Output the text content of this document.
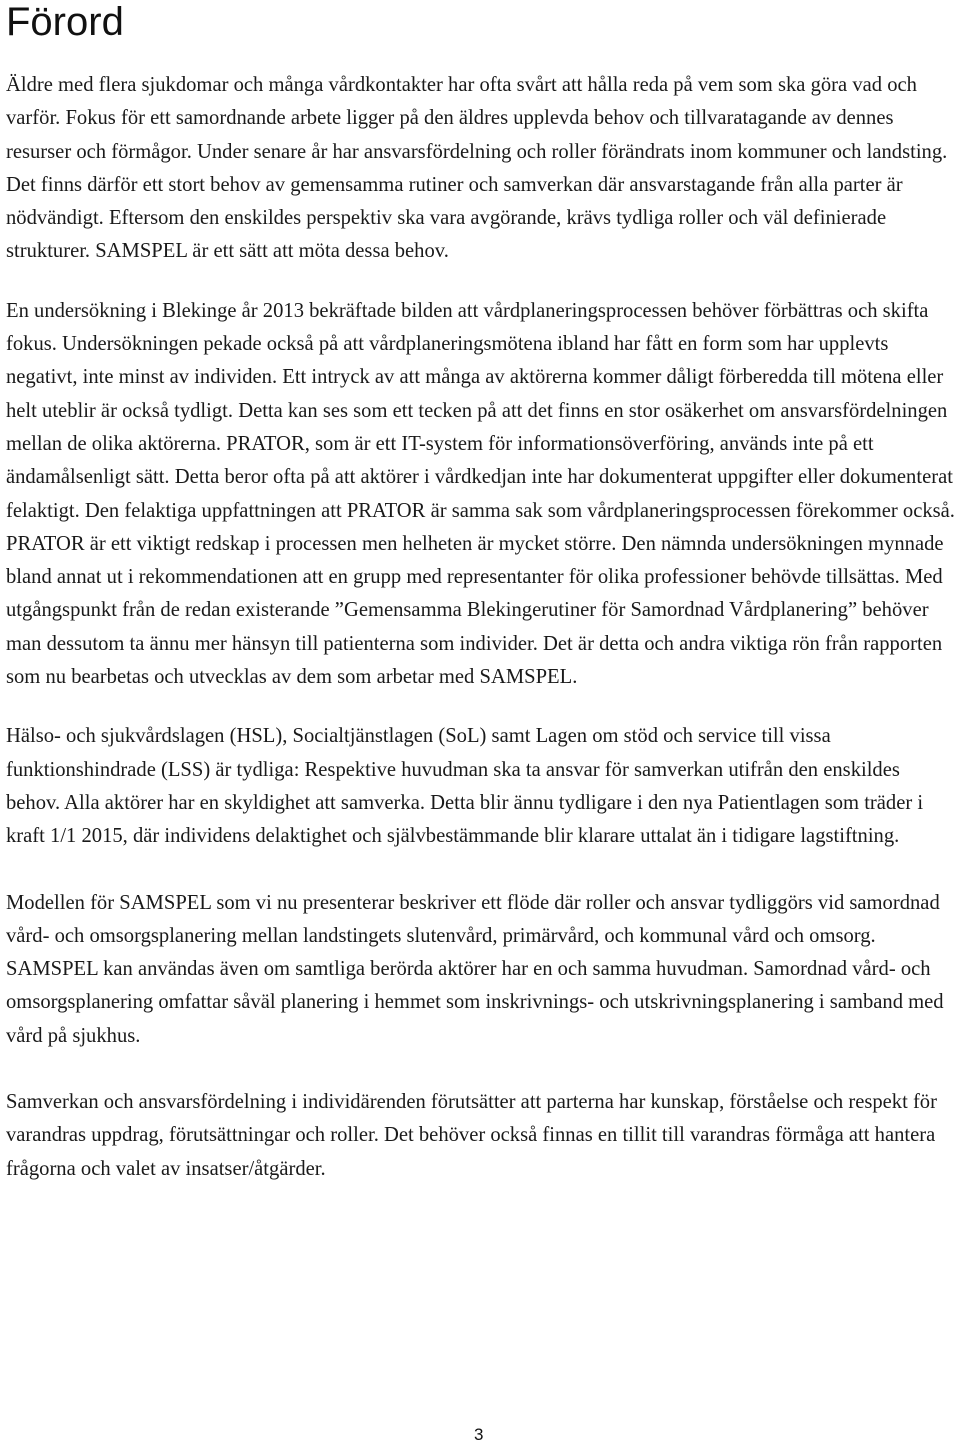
Förord

Äldre med flera sjukdomar och många vårdkontakter har ofta svårt att hålla reda på vem som ska göra vad och varför. Fokus för ett samordnande arbete ligger på den äldres upplevda behov och tillvaratagande av dennes resurser och förmågor. Under senare år har ansvarsfördelning och roller förändrats inom kommuner och landsting. Det finns därför ett stort behov av gemensamma rutiner och samverkan där ansvarstagande från alla parter är nödvändigt. Eftersom den enskildes perspektiv ska vara avgörande, krävs tydliga roller och väl definierade strukturer. SAMSPEL är ett sätt att möta dessa behov.

En undersökning i Blekinge år 2013 bekräftade bilden att vårdplaneringsprocessen behöver förbättras och skifta fokus. Undersökningen pekade också på att vårdplaneringsmötena ibland har fått en form som har upplevts negativt, inte minst av individen. Ett intryck av att många av aktörerna kommer dåligt förberedda till mötena eller helt uteblir är också tydligt. Detta kan ses som ett tecken på att det finns en stor osäkerhet om ansvarsfördelningen mellan de olika aktörerna. PRATOR, som är ett IT-system för informationsöverföring, används inte på ett ändamålsenligt sätt. Detta beror ofta på att aktörer i vårdkedjan inte har dokumenterat uppgifter eller dokumenterat felaktigt. Den felaktiga uppfattningen att PRATOR är samma sak som vårdplaneringsprocessen förekommer också. PRATOR är ett viktigt redskap i processen men helheten är mycket större. Den nämnda undersökningen mynnade bland annat ut i rekommendationen att en grupp med representanter för olika professioner behövde tillsättas. Med utgångspunkt från de redan existerande ”Gemensamma Blekingerutiner för Samordnad Vårdplanering” behöver man dessutom ta ännu mer hänsyn till patienterna som individer. Det är detta och andra viktiga rön från rapporten som nu bearbetas och utvecklas av dem som arbetar med SAMSPEL.

Hälso- och sjukvårdslagen (HSL), Socialtjänstlagen (SoL) samt Lagen om stöd och service till vissa funktionshindrade (LSS) är tydliga: Respektive huvudman ska ta ansvar för samverkan utifrån den enskildes behov. Alla aktörer har en skyldighet att samverka. Detta blir ännu tydligare i den nya Patientlagen som träder i kraft 1/1 2015, där individens delaktighet och självbestämmande blir klarare uttalat än i tidigare lagstiftning.

Modellen för SAMSPEL som vi nu presenterar beskriver ett flöde där roller och ansvar tydliggörs vid samordnad vård- och omsorgsplanering mellan landstingets slutenvård, primärvård, och kommunal vård och omsorg. SAMSPEL kan användas även om samtliga berörda aktörer har en och samma huvudman. Samordnad vård- och omsorgsplanering omfattar såväl planering i hemmet som inskrivnings- och utskrivningsplanering i samband med vård på sjukhus.

Samverkan och ansvarsfördelning i individärenden förutsätter att parterna har kunskap, förståelse och respekt för varandras uppdrag, förutsättningar och roller. Det behöver också finnas en tillit till varandras förmåga att hantera frågorna och valet av insatser/åtgärder.

3
